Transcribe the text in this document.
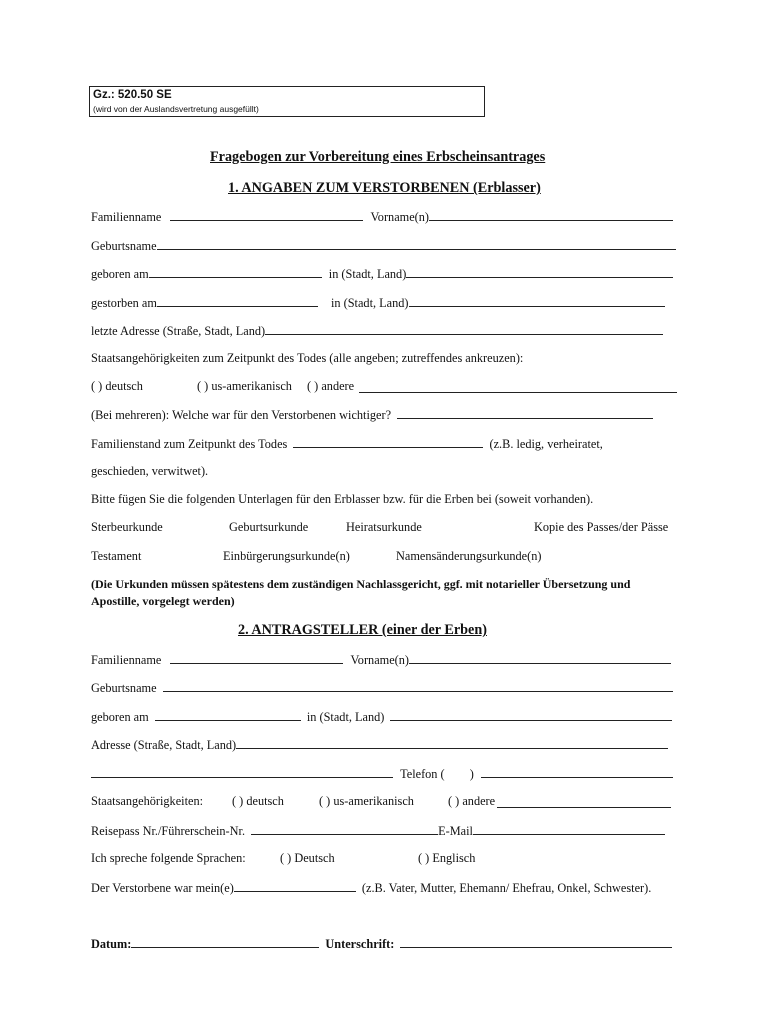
Gz.: 520.50 SE
(wird von der Auslandsvertretung ausgefüllt)
Fragebogen zur Vorbereitung eines Erbscheinsantrages
1. ANGABEN ZUM VERSTORBENEN (Erblasser)
Familienname	Vorname(n)
Geburtsname
geboren am	in (Stadt, Land)
gestorben am	in (Stadt, Land)
letzte Adresse (Straße, Stadt, Land)
Staatsangehörigkeiten zum Zeitpunkt des Todes (alle angeben; zutreffendes ankreuzen):
( ) deutsch	( ) us-amerikanisch ( ) andere
(Bei mehreren): Welche war für den Verstorbenen wichtiger?
Familienstand zum Zeitpunkt des Todes	(z.B. ledig, verheiratet,
geschieden, verwitwet).
Bitte fügen Sie die folgenden Unterlagen für den Erblasser bzw. für die Erben bei (soweit vorhanden).
Sterbeurkunde	Geburtsurkunde	Heiratsurkunde	Kopie des Passes/der Pässe
Testament	Einbürgerungsurkunde(n)	Namensänderungsurkunde(n)
(Die Urkunden müssen spätestens dem zuständigen Nachlassgericht, ggf. mit notarieller Übersetzung und
Apostille, vorgelegt werden)
2. ANTRAGSTELLER (einer der Erben)
Familienname	Vorname(n)
Geburtsname
geboren am	in (Stadt, Land)
Adresse (Straße, Stadt, Land)
Telefon ( )
Staatsangehörigkeiten: ( ) deutsch	( ) us-amerikanisch	( ) andere
Reisepass Nr./Führerschein-Nr.	E-Mail
Ich spreche folgende Sprachen:	( ) Deutsch	( ) Englisch
Der Verstorbene war mein(e)	(z.B. Vater, Mutter, Ehemann/ Ehefrau, Onkel, Schwester).
Datum:	Unterschrift:
